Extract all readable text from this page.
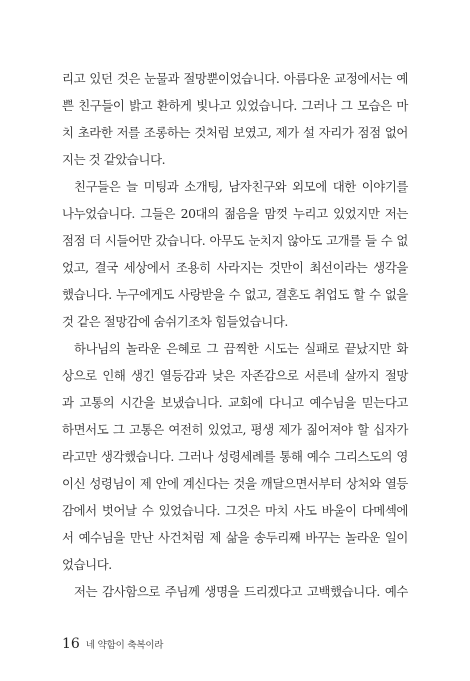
리고 있던 것은 눈물과 절망뿐이었습니다. 아름다운 교정에서는 예
쁜 친구들이 밝고 환하게 빛나고 있었습니다. 그러나 그 모습은 마
치 초라한 저를 조롱하는 것처럼 보였고, 제가 설 자리가 점점 없어
지는 것 같았습니다.
친구들은 늘 미팅과 소개팅, 남자친구와 외모에 대한 이야기를
나누었습니다. 그들은 20대의 젊음을 맘껏 누리고 있었지만 저는
점점 더 시들어만 갔습니다. 아무도 눈치지 않아도 고개를 들 수 없
었고, 결국 세상에서 조용히 사라지는 것만이 최선이라는 생각을
했습니다. 누구에게도 사랑받을 수 없고, 결혼도 취업도 할 수 없을
것 같은 절망감에 숨쉬기조차 힘들었습니다.
하나님의 놀라운 은혜로 그 끔찍한 시도는 실패로 끝났지만 화
상으로 인해 생긴 열등감과 낮은 자존감으로 서른네 살까지 절망
과 고통의 시간을 보냈습니다. 교회에 다니고 예수님을 믿는다고
하면서도 그 고통은 여전히 있었고, 평생 제가 짊어져야 할 십자가
라고만 생각했습니다. 그러나 성령세례를 통해 예수 그리스도의 영
이신 성령님이 제 안에 계신다는 것을 깨달으면서부터 상처와 열등
감에서 벗어날 수 있었습니다. 그것은 마치 사도 바울이 다메섹에
서 예수님을 만난 사건처럼 제 삶을 송두리째 바꾸는 놀라운 일이
었습니다.
저는 감사함으로 주님께 생명을 드리겠다고 고백했습니다. 예수
16 네 약함이 축복이라
